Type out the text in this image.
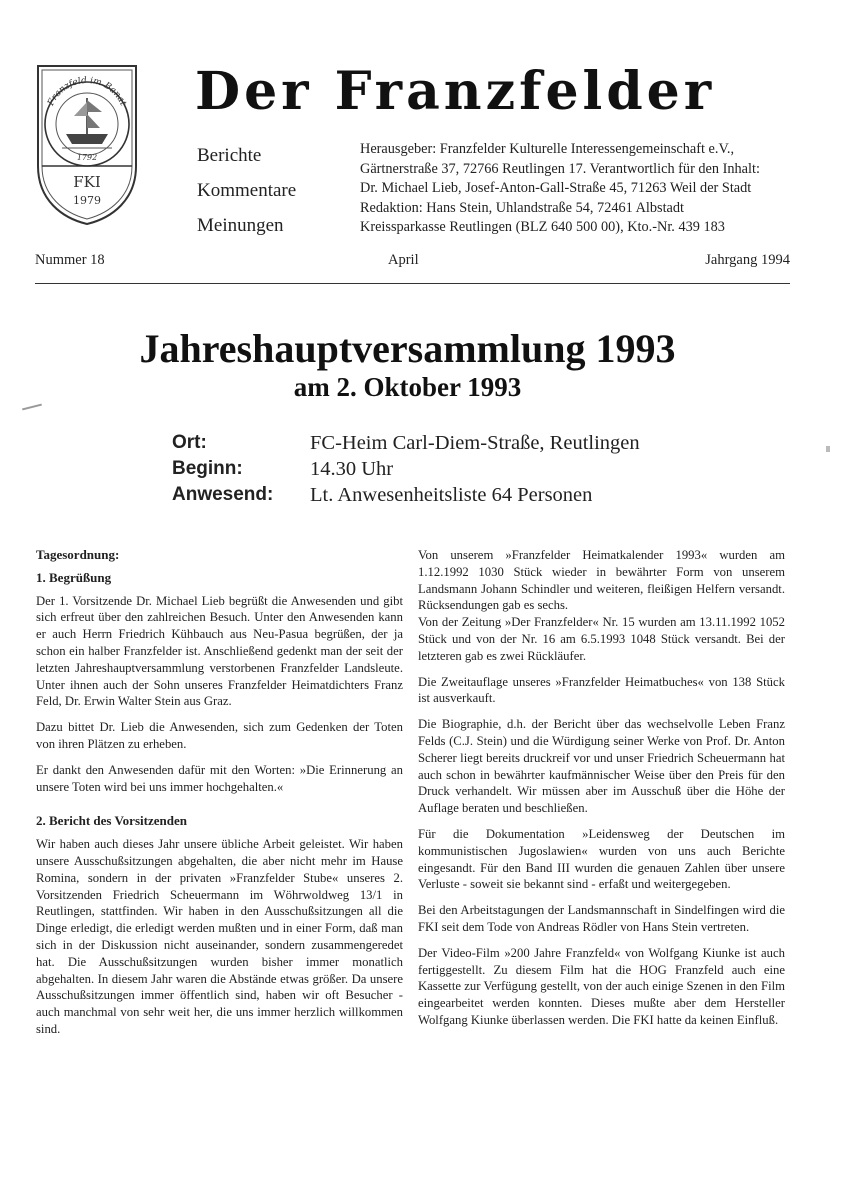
Franzfeld im Banat
1792
FKI
1979
Der Franzfelder
Berichte
Kommentare
Meinungen
Herausgeber: Franzfelder Kulturelle Interessengemeinschaft e.V.,
Gärtnerstraße 37, 72766 Reutlingen 17. Verantwortlich für den Inhalt:
Dr. Michael Lieb, Josef-Anton-Gall-Straße 45, 71263 Weil der Stadt
Redaktion: Hans Stein, Uhlandstraße 54, 72461 Albstadt
Kreissparkasse Reutlingen (BLZ 640 500 00), Kto.-Nr. 439 183
Nummer 18	April	Jahrgang 1994
Jahreshauptversammlung 1993
am 2. Oktober 1993
Ort:	FC-Heim Carl-Diem-Straße, Reutlingen
Beginn:	14.30 Uhr
Anwesend: Lt. Anwesenheitsliste 64 Personen
Tagesordnung:
1. Begrüßung

Der 1. Vorsitzende Dr. Michael Lieb begrüßt die Anwesenden und gibt sich erfreut über den zahlreichen Besuch. Unter den Anwesenden kann er auch Herrn Friedrich Kühbauch aus Neu-Pasua begrüßen, der ja schon ein halber Franzfelder ist. Anschließend gedenkt man der seit der letzten Jahreshauptversammlung verstorbenen Franzfelder Landsleute. Unter ihnen auch der Sohn unseres Franzfelder Heimatdichters Franz Feld, Dr. Erwin Walter Stein aus Graz.

Dazu bittet Dr. Lieb die Anwesenden, sich zum Gedenken der Toten von ihren Plätzen zu erheben.

Er dankt den Anwesenden dafür mit den Worten: »Die Erinnerung an unsere Toten wird bei uns immer hochgehalten.«

2. Bericht des Vorsitzenden

Wir haben auch dieses Jahr unsere übliche Arbeit geleistet. Wir haben unsere Ausschußsitzungen abgehalten, die aber nicht mehr im Hause Romina, sondern in der privaten »Franzfelder Stube« unseres 2. Vorsitzenden Friedrich Scheuermann im Wöhrwoldweg 13/1 in Reutlingen, stattfinden. Wir haben in den Ausschußsitzungen all die Dinge erledigt, die erledigt werden mußten und in einer Form, daß man sich in der Diskussion nicht auseinander, sondern zusammengeredet hat. Die Ausschußsitzungen wurden bisher immer monatlich abgehalten. In diesem Jahr waren die Abstände etwas größer. Da unsere Ausschußsitzungen immer öffentlich sind, haben wir oft Besucher - auch manchmal von sehr weit her, die uns immer herzlich willkommen sind.

Von unserem »Franzfelder Heimatkalender 1993« wurden am 1.12.1992 1030 Stück wieder in bewährter Form von unserem Landsmann Johann Schindler und weiteren, fleißigen Helfern versandt. Rücksendungen gab es sechs.

Von der Zeitung »Der Franzfelder« Nr. 15 wurden am 13.11.1992 1052 Stück und von der Nr. 16 am 6.5.1993 1048 Stück versandt. Bei der letzteren gab es zwei Rückläufer.

Die Zweitauflage unseres »Franzfelder Heimatbuches« von 138 Stück ist ausverkauft.

Die Biographie, d.h. der Bericht über das wechselvolle Leben Franz Felds (C.J. Stein) und die Würdigung seiner Werke von Prof. Dr. Anton Scherer liegt bereits druckreif vor und unser Friedrich Scheuermann hat auch schon in bewährter kaufmännischer Weise über den Preis für den Druck verhandelt. Wir müssen aber im Ausschuß über die Höhe der Auflage beraten und beschließen.

Für die Dokumentation »Leidensweg der Deutschen im kommunistischen Jugoslawien« wurden von uns auch Berichte eingesandt. Für den Band III wurden die genauen Zahlen über unsere Verluste - soweit sie bekannt sind - erfaßt und weitergegeben.

Bei den Arbeitstagungen der Landsmannschaft in Sindelfingen wird die FKI seit dem Tode von Andreas Rödler von Hans Stein vertreten.

Der Video-Film »200 Jahre Franzfeld« von Wolfgang Kiunke ist auch fertiggestellt. Zu diesem Film hat die HOG Franzfeld auch eine Kassette zur Verfügung gestellt, von der auch einige Szenen in den Film eingearbeitet werden konnten. Dieses mußte aber dem Hersteller Wolfgang Kiunke überlassen werden. Die FKI hatte da keinen Einfluß.
